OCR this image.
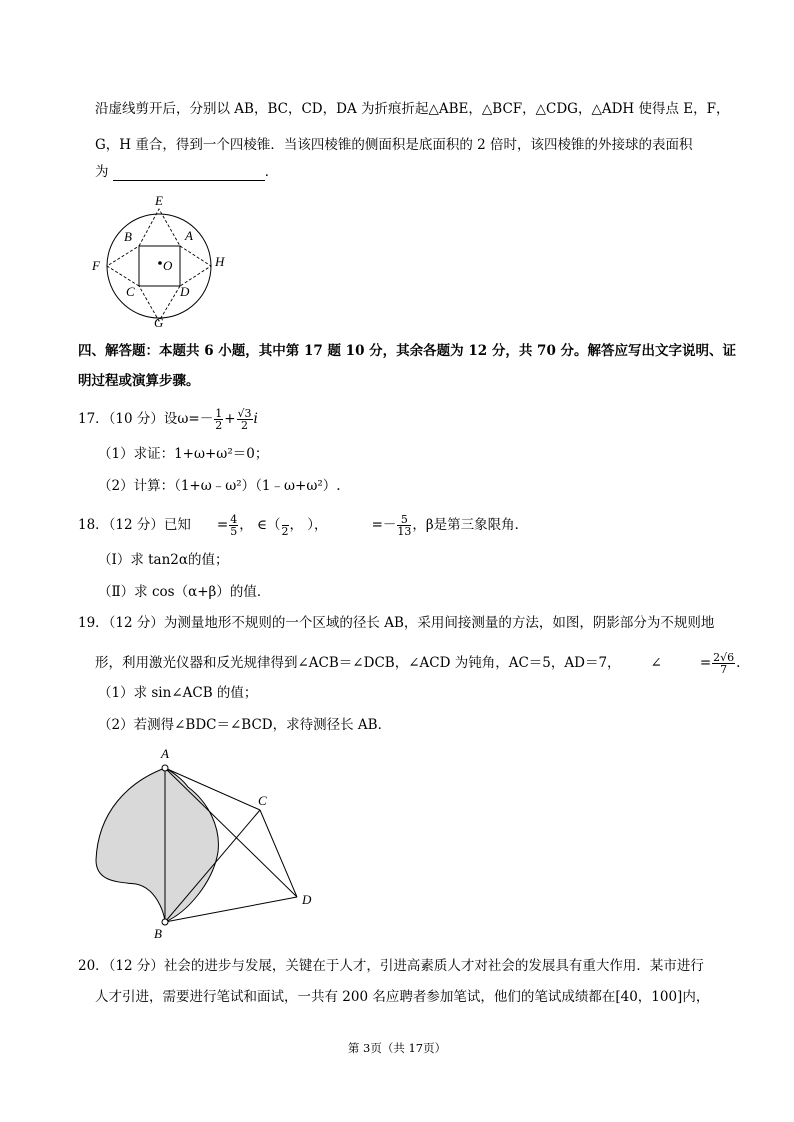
沿虚线剪开后，分别以 AB，BC，CD，DA 为折痕折起△ABE，△BCF，△CDG，△ADH 使得点 E，F，
G，H 重合，得到一个四棱锥．当该四棱锥的侧面积是底面积的 2 倍时，该四棱锥的外接球的表面积
为	．
E
A
B
F	O	H
C	D
G
四、解答题：本题共 6 小题，其中第 17 题 10 分，其余各题为 12 分，共 70 分。解答应写出文字说明、证
明过程或演算步骤。
17．（10 分）设$\omega=- \frac{1}{2} + \frac{√3}{2}$ i
（1）求证：1+ω+ω²＝0；
（2）计算：（1+ω﹣ω²）（1﹣ω+ω²）.
18．（12 分）已知 = $\frac{4}{5}$ ， ∈（
2 ， ），	=－ $\frac{5}{13}$ ，β是第三象限角．
（Ⅰ）求 tan2α的值；
（Ⅱ）求 cos（α+β）的值．
19．（12 分）为测量地形不规则的一个区域的径长 AB，采用间接测量的方法，如图，阴影部分为不规则地
形，利用激光仪器和反光规律得到∠ACB＝∠DCB，∠ACD 为钝角，AC＝5，AD＝7， ∠	= $\frac{2√6}{7}$ .
（1）求 sin∠ACB 的值；
（2）若测得∠BDC＝∠BCD，求待测径长 AB．
A
C
D
B
20．（12 分）社会的进步与发展，关键在于人才，引进高素质人才对社会的发展具有重大作用．某市进行
人才引进，需要进行笔试和面试，一共有 200 名应聘者参加笔试，他们的笔试成绩都在[40，100]内，
第 3页（共 17页）
